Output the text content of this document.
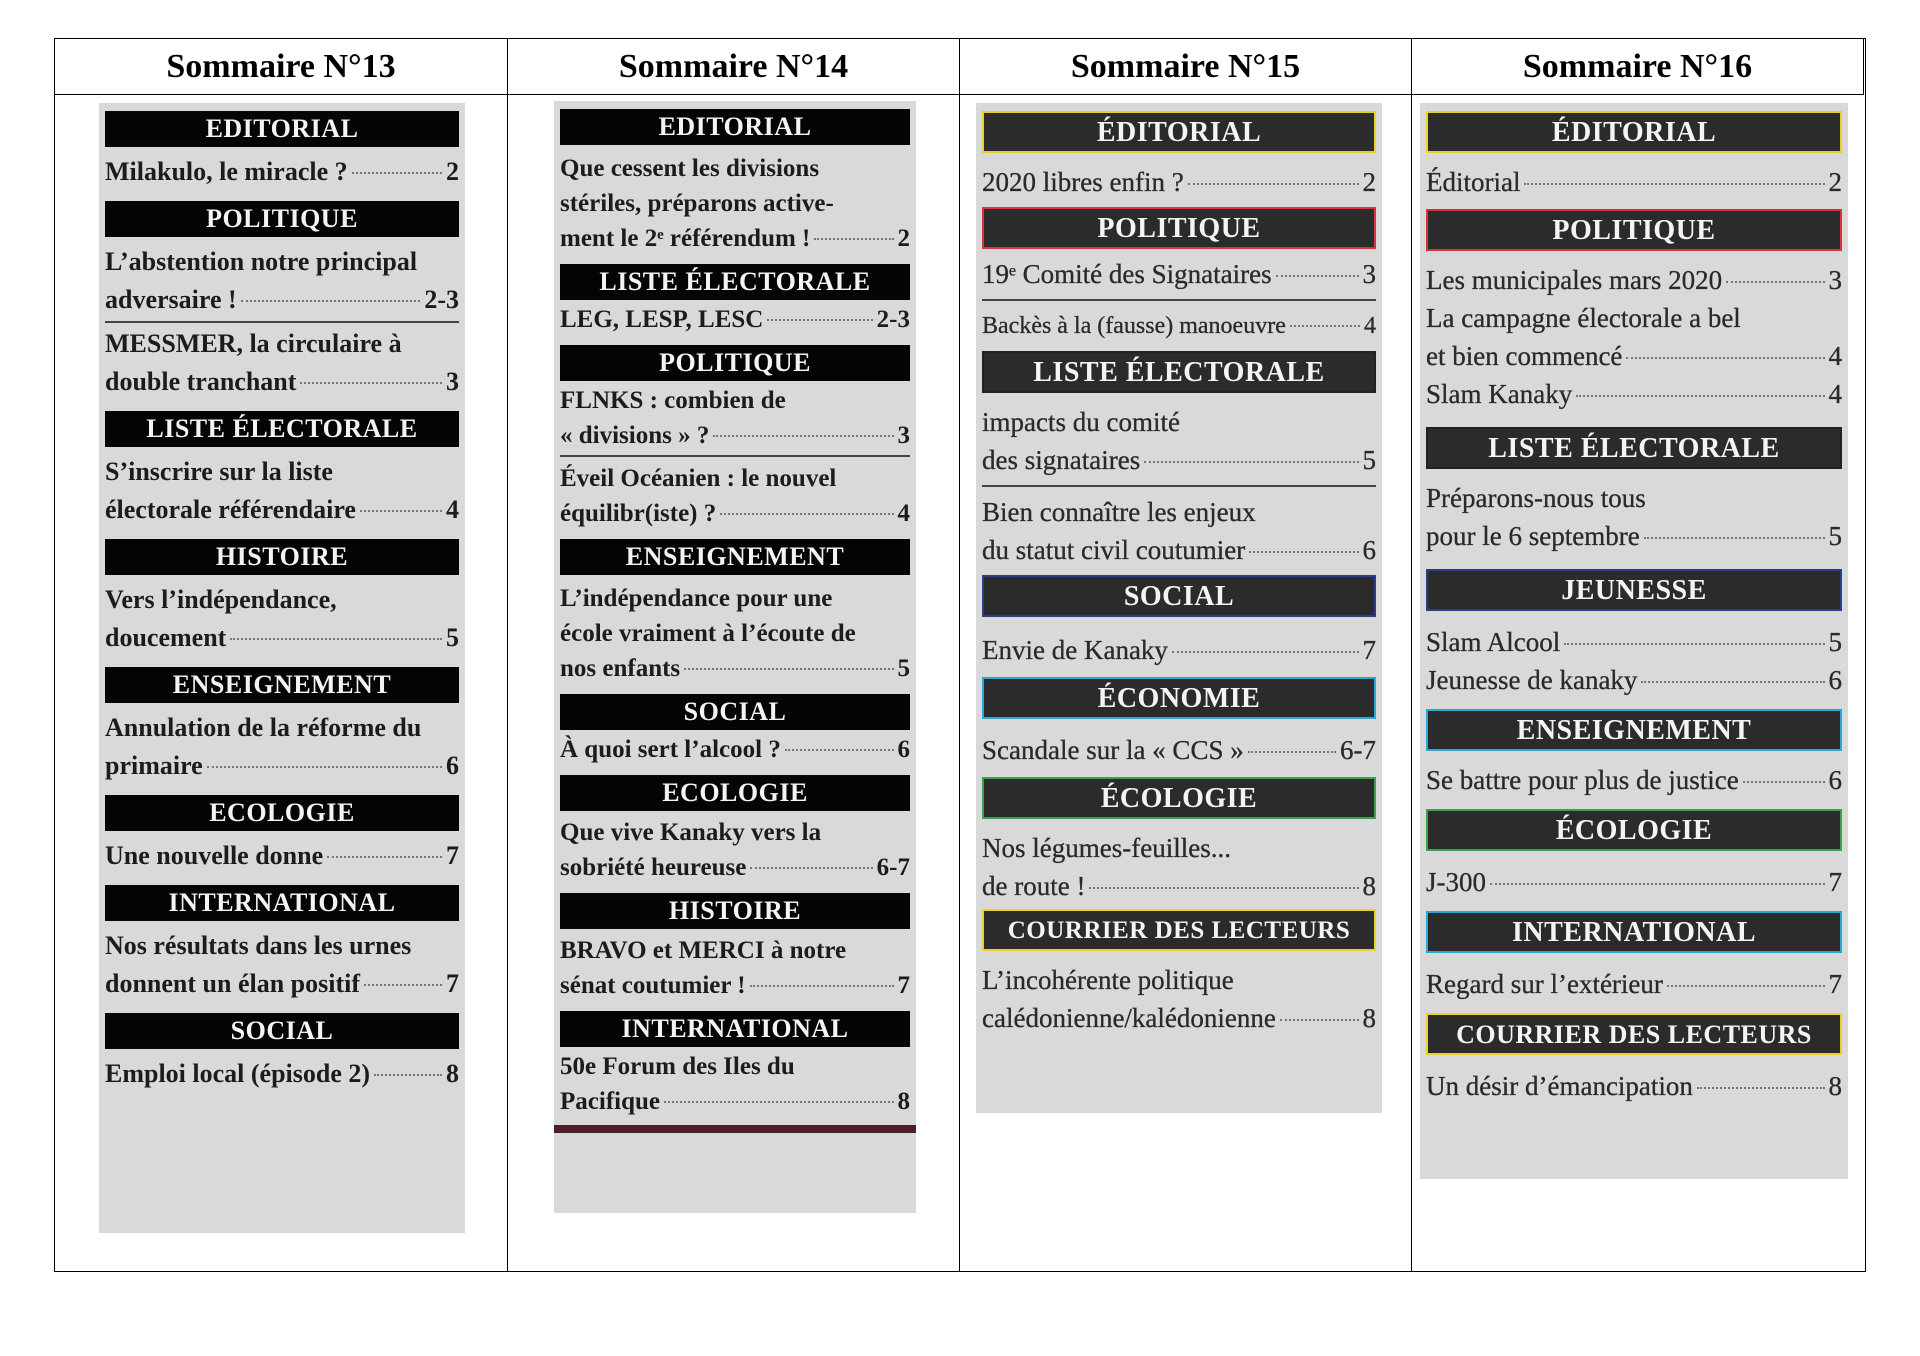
Sommaire N°13	Sommaire N°14	Sommaire N°15	Sommaire N°16
EDITORIAL
Milakulo, le miracle ?	2
POLITIQUE
L’abstention notre principal
adversaire !	2-3
MESSMER, la circulaire à
double tranchant	3
LISTE ÉLECTORALE
S’inscrire sur la liste
électorale référendaire	4
HISTOIRE
Vers l’indépendance,
doucement	5
ENSEIGNEMENT
Annulation de la réforme du
primaire	6
ECOLOGIE
Une nouvelle donne	7
INTERNATIONAL
Nos résultats dans les urnes
donnent un élan positif	7
SOCIAL
Emploi local (épisode 2)	8
EDITORIAL
Que cessent les divisions
stériles, préparons active-
ment le 2ᵉ référendum !	2
LISTE ÉLECTORALE
LEG, LESP, LESC	2-3
POLITIQUE
FLNKS : combien de
« divisions » ?	3
Éveil Océanien : le nouvel
équilibr(iste) ?	4
ENSEIGNEMENT
L’indépendance pour une
école vraiment à l’écoute de
nos enfants	5
SOCIAL
À quoi sert l’alcool ?	6
ECOLOGIE
Que vive Kanaky vers la
sobriété heureuse	6-7
HISTOIRE
BRAVO et MERCI à notre
sénat coutumier !	7
INTERNATIONAL
50e Forum des Iles du
Pacifique	8
ÉDITORIAL
2020 libres enfin ?	2
POLITIQUE
19ᵉ Comité des Signataires	3
Backès à la (fausse) manoeuvre	4
LISTE ÉLECTORALE
impacts du comité
des signataires	5
Bien connaître les enjeux
du statut civil coutumier	6
SOCIAL
Envie de Kanaky	7
ÉCONOMIE
Scandale sur la « CCS »	6-7
ÉCOLOGIE
Nos légumes-feuilles...
de route !	8
COURRIER DES LECTEURS
L’incohérente politique
calédonienne/kalédonienne	8
ÉDITORIAL
Éditorial	2
POLITIQUE
Les municipales mars 2020	3
La campagne électorale a bel
et bien commencé	4
Slam Kanaky	4
LISTE ÉLECTORALE
Préparons-nous tous
pour le 6 septembre	5
JEUNESSE
Slam Alcool	5
Jeunesse de kanaky	6
ENSEIGNEMENT
Se battre pour plus de justice	6
ÉCOLOGIE
J-300	7
INTERNATIONAL
Regard sur l’extérieur	7
COURRIER DES LECTEURS
Un désir d’émancipation	8
